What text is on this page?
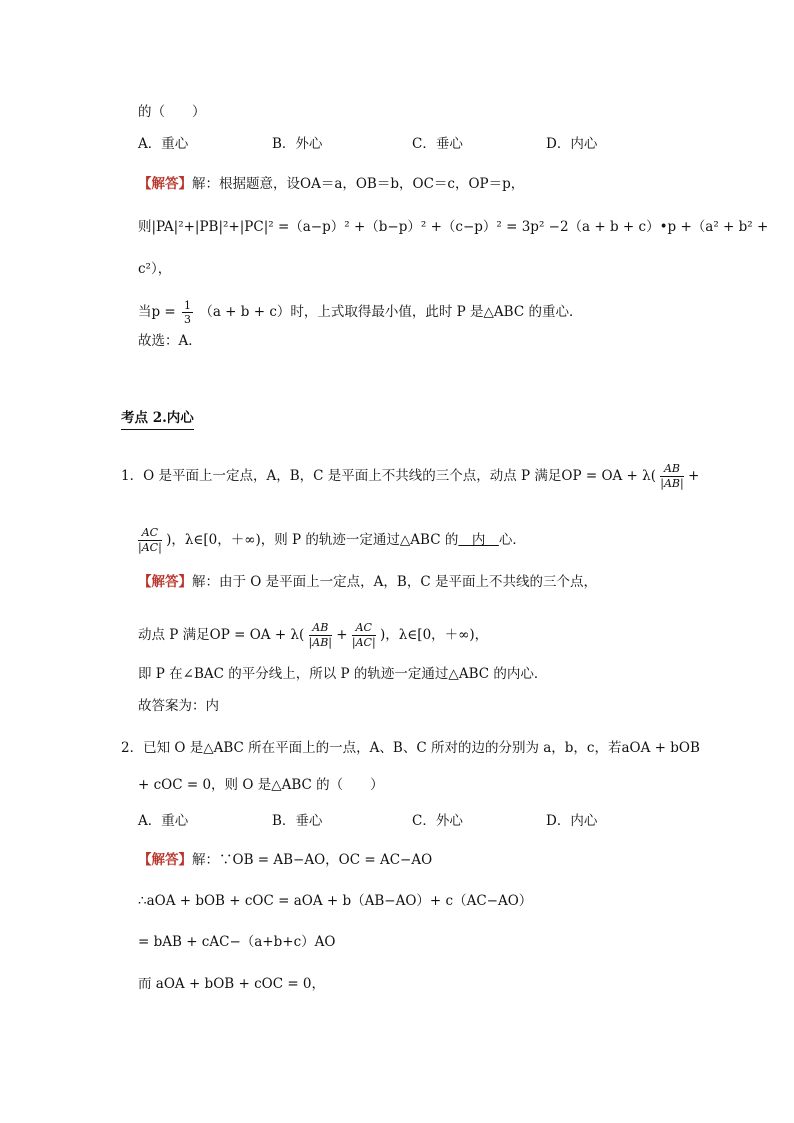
的（　　）
A．重心	B．外心	C．垂心	D．内心
【解答】解：根据题意，设OA＝a，OB＝b，OC＝c，OP＝p，
则|PA|²+|PB|²+|PC|² =（a−p）² +（b−p）² +（c−p）² = 3p² −2（a + b + c）•p +（a² + b² +
c²），
当$p = \frac{1}{3} (a + b + c)$时，上式取得最小值，此时 P 是△ABC 的重心．
故选：A．
考点 2.内心
1．O 是平面上一定点，A，B，C 是平面上不共线的三个点，动点 P 满足OP = OA + $\lambda( \frac{AB}{|AB|}$ +
$\frac{AC}{|AC|}$ )，λ∈[0，＋∞)，则 P 的轨迹一定通过△ABC 的　内　心．
【解答】解：由于 O 是平面上一定点，A，B，C 是平面上不共线的三个点，
动点 P 满足OP = OA + $\lambda( \frac{AB}{|AB|} + \frac{AC}{|AC|}$ )，λ∈[0，＋∞)，
即 P 在∠BAC 的平分线上，所以 P 的轨迹一定通过△ABC 的内心．
故答案为：内
2．已知 O 是△ABC 所在平面上的一点，A、B、C 所对的边的分别为 a，b，c，若aOA + bOB
+ cOC = 0，则 O 是△ABC 的（　　）
A．重心	B．垂心	C．外心	D．内心
【解答】解：∵OB = AB−AO，OC = AC−AO
∴aOA + bOB + cOC = aOA + b（AB−AO）+ c（AC−AO）
= bAB + cAC−（a+b+c）AO
而 aOA + bOB + cOC = 0，
